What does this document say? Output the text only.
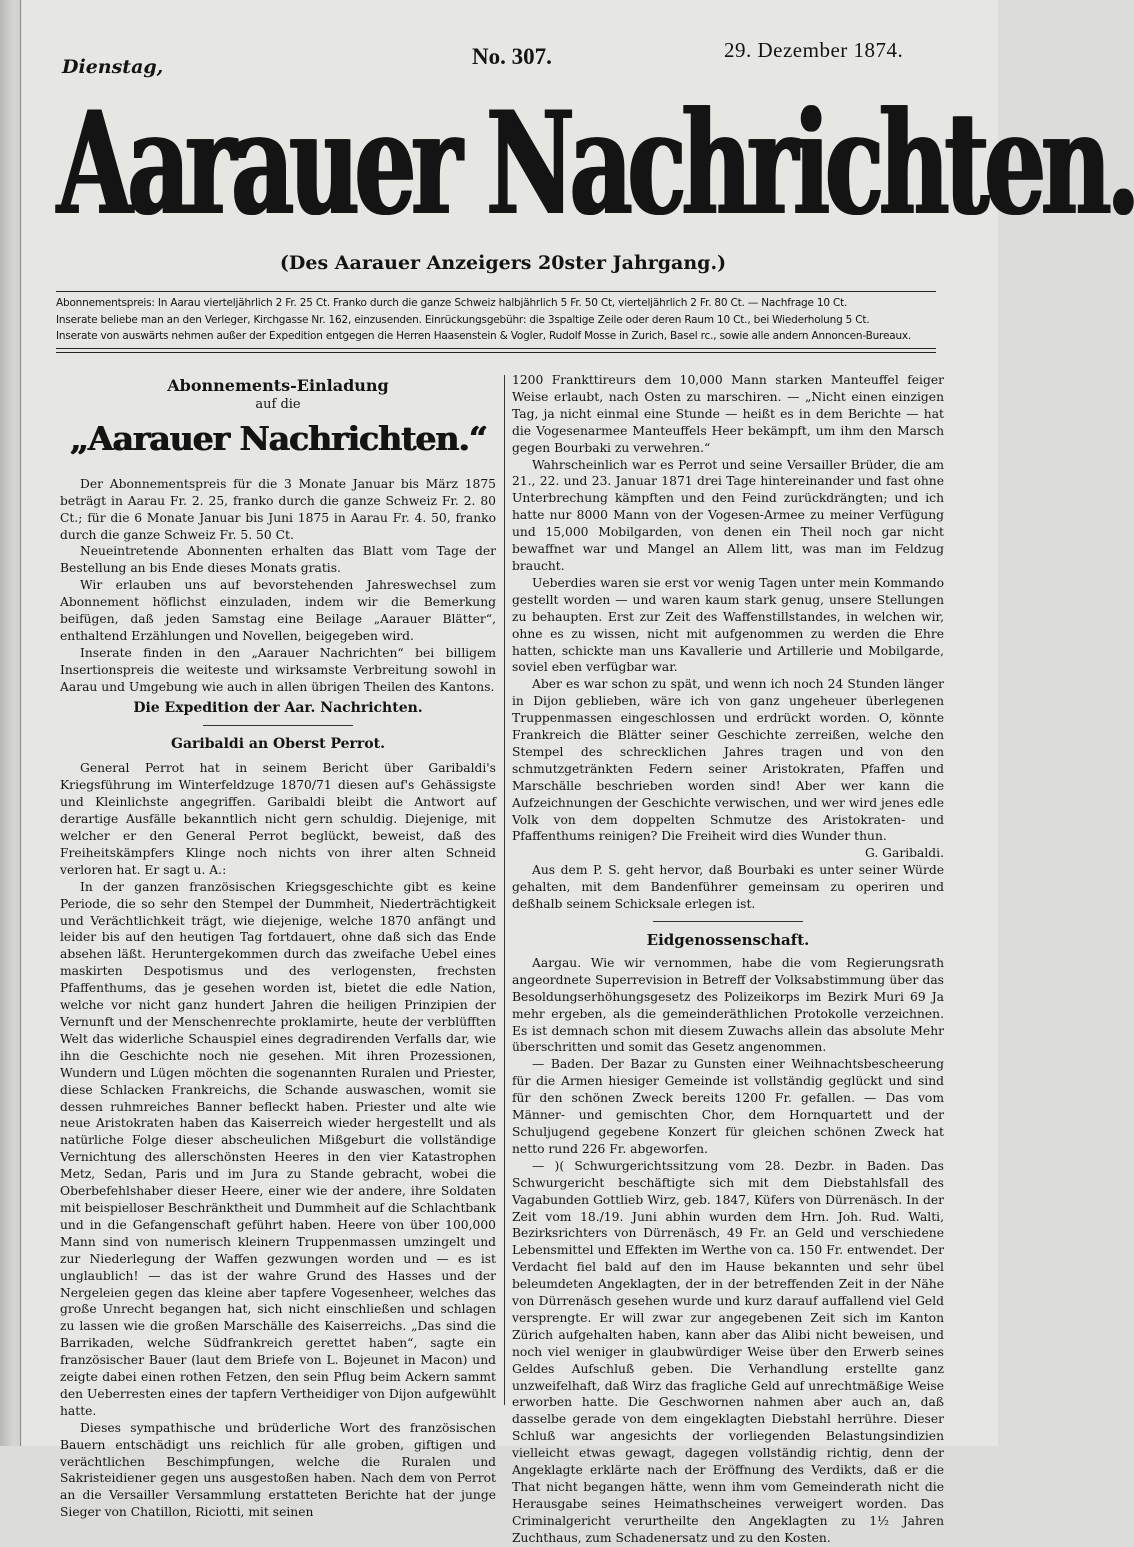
Dienstag,	No. 307.	29. Dezember 1874.
Aarauer Nachrichten.
(Des Aarauer Anzeigers 20ster Jahrgang.)
Abonnementspreis: In Aarau vierteljährlich 2 Fr. 25 Ct. Franko durch die ganze Schweiz halbjährlich 5 Fr. 50 Ct, vierteljährlich 2 Fr. 80 Ct. — Nachfrage 10 Ct.
Inserate beliebe man an den Verleger, Kirchgasse Nr. 162, einzusenden. Einrückungsgebühr: die 3spaltige Zeile oder deren Raum 10 Ct., bei Wiederholung 5 Ct.
Inserate von auswärts nehmen außer der Expedition entgegen die Herren Haasenstein & Vogler, Rudolf Mosse in Zurich, Basel rc., sowie alle andern Annoncen-Bureaux.
Abonnements-Einladung
auf die
„Aarauer Nachrichten.“

Der Abonnementspreis für die 3 Monate Januar bis März 1875 beträgt in Aarau Fr. 2. 25, franko durch die ganze Schweiz Fr. 2. 80 Ct.; für die 6 Monate Januar bis Juni 1875 in Aarau Fr. 4. 50, franko durch die ganze Schweiz Fr. 5. 50 Ct.

Neueintretende Abonnenten erhalten das Blatt vom Tage der Bestellung an bis Ende dieses Monats gratis.

Wir erlauben uns auf bevorstehenden Jahreswechsel zum Abonnement höflichst einzuladen, indem wir die Bemerkung beifügen, daß jeden Samstag eine Beilage „Aarauer Blätter“, enthaltend Erzählungen und Novellen, beigegeben wird.

Inserate finden in den „Aarauer Nachrichten“ bei billigem Insertionspreis die weiteste und wirksamste Verbreitung sowohl in Aarau und Umgebung wie auch in allen übrigen Theilen des Kantons.

Die Expedition der Aar. Nachrichten.
Garibaldi an Oberst Perrot.

General Perrot hat in seinem Bericht über Garibaldi's Kriegsführung im Winterfeldzuge 1870/71 diesen auf's Gehässigste und Kleinlichste angegriffen. Garibaldi bleibt die Antwort auf derartige Ausfälle bekanntlich nicht gern schuldig. Diejenige, mit welcher er den General Perrot beglückt, beweist, daß des Freiheitskämpfers Klinge noch nichts von ihrer alten Schneid verloren hat. Er sagt u. A.:

In der ganzen französischen Kriegsgeschichte gibt es keine Periode, die so sehr den Stempel der Dummheit, Niederträchtigkeit und Verächtlichkeit trägt, wie diejenige, welche 1870 anfängt und leider bis auf den heutigen Tag fortdauert, ohne daß sich das Ende absehen läßt. Heruntergekommen durch das zweifache Uebel eines maskirten Despotismus und des verlogensten, frechsten Pfaffenthums, das je gesehen worden ist, bietet die edle Nation, welche vor nicht ganz hundert Jahren die heiligen Prinzipien der Vernunft und der Menschenrechte proklamirte, heute der verblüfften Welt das widerliche Schauspiel eines degradirenden Verfalls dar, wie ihn die Geschichte noch nie gesehen. Mit ihren Prozessionen, Wundern und Lügen möchten die sogenannten Ruralen und Priester, diese Schlacken Frankreichs, die Schande auswaschen, womit sie dessen ruhmreiches Banner befleckt haben. Priester und alte wie neue Aristokraten haben das Kaiserreich wieder hergestellt und als natürliche Folge dieser abscheulichen Mißgeburt die vollständige Vernichtung des allerschönsten Heeres in den vier Katastrophen Metz, Sedan, Paris und im Jura zu Stande gebracht, wobei die Oberbefehlshaber dieser Heere, einer wie der andere, ihre Soldaten mit beispielloser Beschränktheit und Dummheit auf die Schlachtbank und in die Gefangenschaft geführt haben. Heere von über 100,000 Mann sind von numerisch kleinern Truppenmassen umzingelt und zur Niederlegung der Waffen gezwungen worden und — es ist unglaublich! — das ist der wahre Grund des Hasses und der Nergeleien gegen das kleine aber tapfere Vogesenheer, welches das große Unrecht begangen hat, sich nicht einschließen und schlagen zu lassen wie die großen Marschälle des Kaiserreichs. „Das sind die Barrikaden, welche Südfrankreich gerettet haben“, sagte ein französischer Bauer (laut dem Briefe von L. Bojeunet in Macon) und zeigte dabei einen rothen Fetzen, den sein Pflug beim Ackern sammt den Ueberresten eines der tapfern Vertheidiger von Dijon aufgewühlt hatte.

Dieses sympathische und brüderliche Wort des französischen Bauern entschädigt uns reichlich für alle groben, giftigen und verächtlichen Beschimpfungen, welche die Ruralen und Sakristeidiener gegen uns ausgestoßen haben. Nach dem von Perrot an die Versailler Versammlung erstatteten Berichte hat der junge Sieger von Chatillon, Riciotti, mit seinen

1200 Frankttireurs dem 10,000 Mann starken Manteuffel feiger Weise erlaubt, nach Osten zu marschiren. — „Nicht einen einzigen Tag, ja nicht einmal eine Stunde — heißt es in dem Berichte — hat die Vogesenarmee Manteuffels Heer bekämpft, um ihm den Marsch gegen Bourbaki zu verwehren.“

Wahrscheinlich war es Perrot und seine Versailler Brüder, die am 21., 22. und 23. Januar 1871 drei Tage hintereinander und fast ohne Unterbrechung kämpften und den Feind zurückdrängten; und ich hatte nur 8000 Mann von der Vogesen-Armee zu meiner Verfügung und 15,000 Mobilgarden, von denen ein Theil noch gar nicht bewaffnet war und Mangel an Allem litt, was man im Feldzug braucht.

Ueberdies waren sie erst vor wenig Tagen unter mein Kommando gestellt worden — und waren kaum stark genug, unsere Stellungen zu behaupten. Erst zur Zeit des Waffenstillstandes, in welchen wir, ohne es zu wissen, nicht mit aufgenommen zu werden die Ehre hatten, schickte man uns Kavallerie und Artillerie und Mobilgarde, soviel eben verfügbar war.

Aber es war schon zu spät, und wenn ich noch 24 Stunden länger in Dijon geblieben, wäre ich von ganz ungeheuer überlegenen Truppenmassen eingeschlossen und erdrückt worden. O, könnte Frankreich die Blätter seiner Geschichte zerreißen, welche den Stempel des schrecklichen Jahres tragen und von den schmutzgetränkten Federn seiner Aristokraten, Pfaffen und Marschälle beschrieben worden sind! Aber wer kann die Aufzeichnungen der Geschichte verwischen, und wer wird jenes edle Volk von dem doppelten Schmutze des Aristokraten- und Pfaffenthums reinigen? Die Freiheit wird dies Wunder thun.

G. Garibaldi.

Aus dem P. S. geht hervor, daß Bourbaki es unter seiner Würde gehalten, mit dem Bandenführer gemeinsam zu operiren und deßhalb seinem Schicksale erlegen ist.

Eidgenossenschaft.

Aargau. Wie wir vernommen, habe die vom Regierungsrath angeordnete Superrevision in Betreff der Volksabstimmung über das Besoldungserhöhungsgesetz des Polizeikorps im Bezirk Muri 69 Ja mehr ergeben, als die gemeinderäthlichen Protokolle verzeichnen. Es ist demnach schon mit diesem Zuwachs allein das absolute Mehr überschritten und somit das Gesetz angenommen.

— Baden. Der Bazar zu Gunsten einer Weihnachtsbescheerung für die Armen hiesiger Gemeinde ist vollständig geglückt und sind für den schönen Zweck bereits 1200 Fr. gefallen. — Das vom Männer- und gemischten Chor, dem Hornquartett und der Schuljugend gegebene Konzert für gleichen schönen Zweck hat netto rund 226 Fr. abgeworfen.

— )( Schwurgerichtssitzung vom 28. Dezbr. in Baden. Das Schwurgericht beschäftigte sich mit dem Diebstahlsfall des Vagabunden Gottlieb Wirz, geb. 1847, Küfers von Dürrenäsch. In der Zeit vom 18./19. Juni abhin wurden dem Hrn. Joh. Rud. Walti, Bezirksrichters von Dürrenäsch, 49 Fr. an Geld und verschiedene Lebensmittel und Effekten im Werthe von ca. 150 Fr. entwendet. Der Verdacht fiel bald auf den im Hause bekannten und sehr übel beleumdeten Angeklagten, der in der betreffenden Zeit in der Nähe von Dürrenäsch gesehen wurde und kurz darauf auffallend viel Geld versprengte. Er will zwar zur angegebenen Zeit sich im Kanton Zürich aufgehalten haben, kann aber das Alibi nicht beweisen, und noch viel weniger in glaubwürdiger Weise über den Erwerb seines Geldes Aufschluß geben. Die Verhandlung erstellte ganz unzweifelhaft, daß Wirz das fragliche Geld auf unrechtmäßige Weise erworben hatte. Die Geschwornen nahmen aber auch an, daß dasselbe gerade von dem eingeklagten Diebstahl herrühre. Dieser Schluß war angesichts der vorliegenden Belastungsindizien vielleicht etwas gewagt, dagegen vollständig richtig, denn der Angeklagte erklärte nach der Eröffnung des Verdikts, daß er die That nicht begangen hätte, wenn ihm vom Gemeinderath nicht die Herausgabe seines Heimathscheines verweigert worden. Das Criminalgericht verurtheilte den Angeklagten zu 1½ Jahren Zuchthaus, zum Schadenersatz und zu den Kosten.
